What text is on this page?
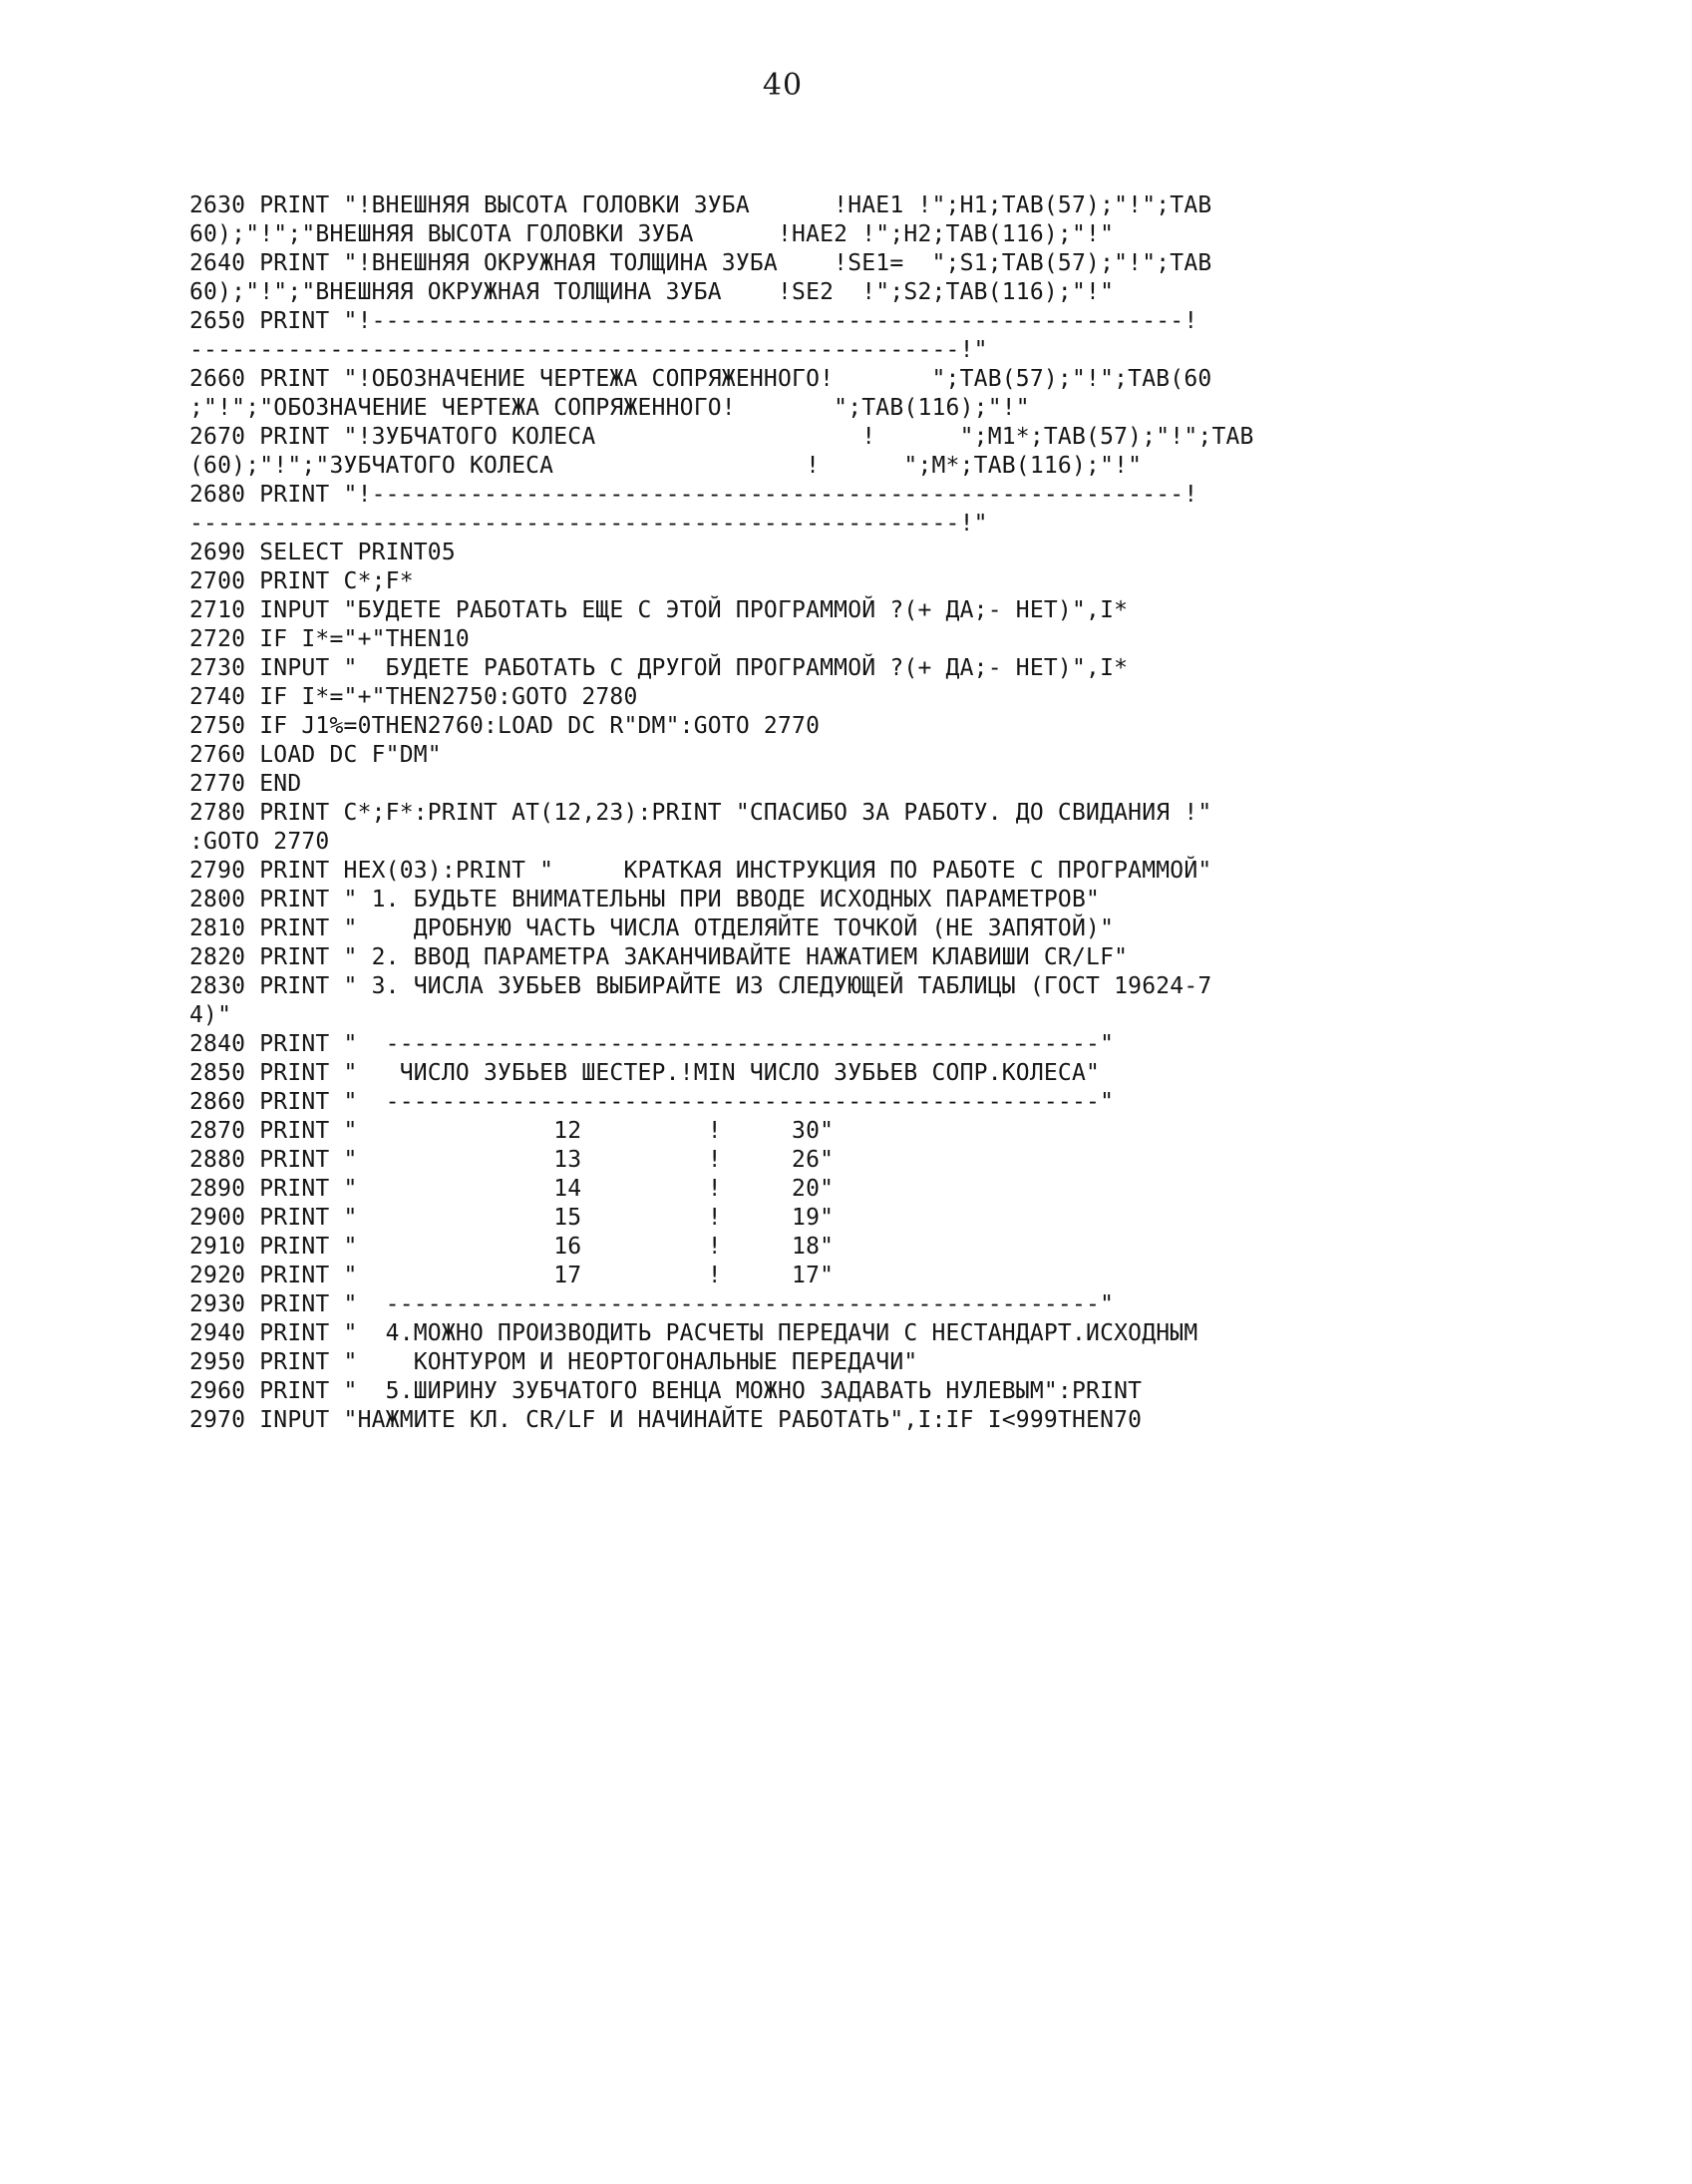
40
2630 PRINT "!ВНЕШНЯЯ ВЫСОТА ГОЛОВКИ ЗУБА      !HAE1 !";H1;TAB(57);"!";TAB
60);"!";"ВНЕШНЯЯ ВЫСОТА ГОЛОВКИ ЗУБА      !HAE2 !";H2;TAB(116);"!"
2640 PRINT "!ВНЕШНЯЯ ОКРУЖНАЯ ТОЛЩИНА ЗУБА    !SE1=  ";S1;TAB(57);"!";TAB
60);"!";"ВНЕШНЯЯ ОКРУЖНАЯ ТОЛЩИНА ЗУБА    !SE2  !";S2;TAB(116);"!"
2650 PRINT "!----------------------------------------------------------!
-------------------------------------------------------!"
2660 PRINT "!ОБОЗНАЧЕНИЕ ЧЕРТЕЖА СОПРЯЖЕННОГО!       ";TAB(57);"!";TAB(60
;"!";"ОБОЗНАЧЕНИЕ ЧЕРТЕЖА СОПРЯЖЕННОГО!       ";TAB(116);"!"
2670 PRINT "!ЗУБЧАТОГО КОЛЕСА                   !      ";M1*;TAB(57);"!";TAB
(60);"!";"ЗУБЧАТОГО КОЛЕСА                  !      ";M*;TAB(116);"!"
2680 PRINT "!----------------------------------------------------------!
-------------------------------------------------------!"
2690 SELECT PRINT05
2700 PRINT C*;F*
2710 INPUT "БУДЕТЕ РАБОТАТЬ ЕЩЕ С ЭТОЙ ПРОГРАММОЙ ?(+ ДА;- НЕТ)",I*
2720 IF I*="+"THEN10
2730 INPUT "  БУДЕТЕ РАБОТАТЬ С ДРУГОЙ ПРОГРАММОЙ ?(+ ДА;- НЕТ)",I*
2740 IF I*="+"THEN2750:GOTO 2780
2750 IF J1%=0THEN2760:LOAD DC R"DM":GOTO 2770
2760 LOAD DC F"DM"
2770 END
2780 PRINT C*;F*:PRINT AT(12,23):PRINT "СПАСИБО ЗА РАБОТУ. ДО СВИДАНИЯ !"
:GOTO 2770
2790 PRINT HEX(03):PRINT "     КРАТКАЯ ИНСТРУКЦИЯ ПО РАБОТЕ С ПРОГРАММОЙ"
2800 PRINT " 1. БУДЬТЕ ВНИМАТЕЛЬНЫ ПРИ ВВОДЕ ИСХОДНЫХ ПАРАМЕТРОВ"
2810 PRINT "    ДРОБНУЮ ЧАСТЬ ЧИСЛА ОТДЕЛЯЙТЕ ТОЧКОЙ (НЕ ЗАПЯТОЙ)"
2820 PRINT " 2. ВВОД ПАРАМЕТРА ЗАКАНЧИВАЙТЕ НАЖАТИЕМ КЛАВИШИ CR/LF"
2830 PRINT " 3. ЧИСЛА ЗУБЬЕВ ВЫБИРАЙТЕ ИЗ СЛЕДУЮЩЕЙ ТАБЛИЦЫ (ГОСТ 19624-7
4)"
2840 PRINT "  ---------------------------------------------------"
2850 PRINT "   ЧИСЛО ЗУБЬЕВ ШЕСТЕР.!MIN ЧИСЛО ЗУБЬЕВ СОПР.КОЛЕСА"
2860 PRINT "  ---------------------------------------------------"
2870 PRINT "              12         !     30"
2880 PRINT "              13         !     26"
2890 PRINT "              14         !     20"
2900 PRINT "              15         !     19"
2910 PRINT "              16         !     18"
2920 PRINT "              17         !     17"
2930 PRINT "  ---------------------------------------------------"
2940 PRINT "  4.МОЖНО ПРОИЗВОДИТЬ РАСЧЕТЫ ПЕРЕДАЧИ С НЕСТАНДАРТ.ИСХОДНЫМ
2950 PRINT "    КОНТУРОМ И НЕОРТОГОНАЛЬНЫЕ ПЕРЕДАЧИ"
2960 PRINT "  5.ШИРИНУ ЗУБЧАТОГО ВЕНЦА МОЖНО ЗАДАВАТЬ НУЛЕВЫМ":PRINT
2970 INPUT "НАЖМИТЕ КЛ. CR/LF И НАЧИНАЙТЕ РАБОТАТЬ",I:IF I<999THEN70
